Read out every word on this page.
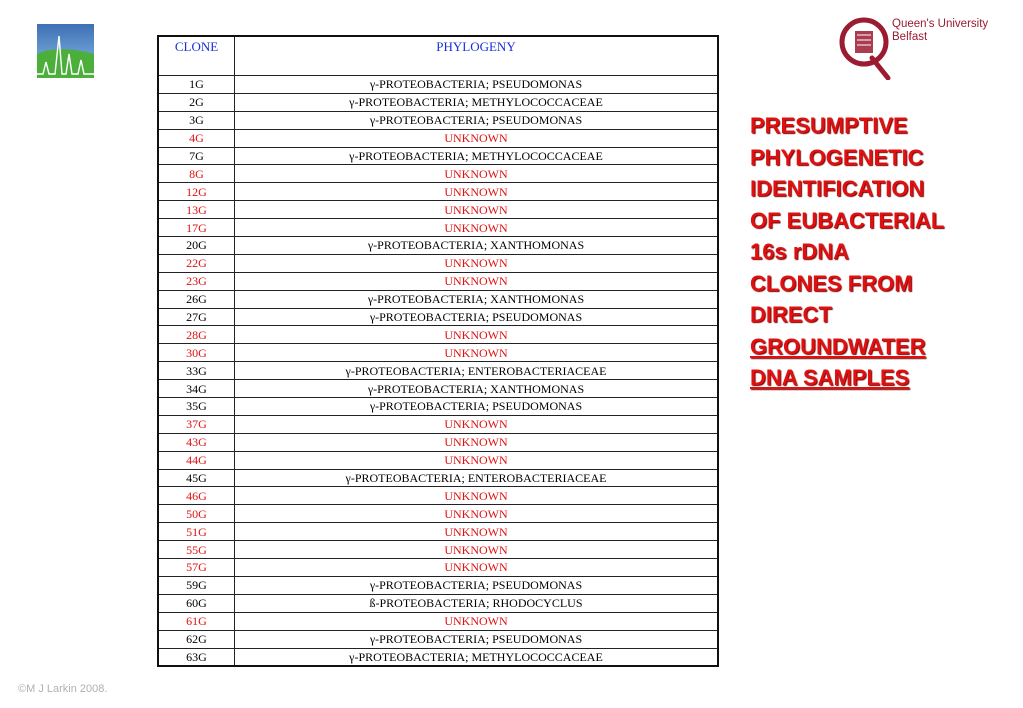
Queen's University
Belfast
CLONE	PHYLOGENY
1G	γ-PROTEOBACTERIA; PSEUDOMONAS
2G	γ-PROTEOBACTERIA; METHYLOCOCCACEAE
3G	γ-PROTEOBACTERIA; PSEUDOMONAS
4G	UNKNOWN
7G	γ-PROTEOBACTERIA; METHYLOCOCCACEAE
8G	UNKNOWN
12G	UNKNOWN
13G	UNKNOWN
17G	UNKNOWN
20G	γ-PROTEOBACTERIA; XANTHOMONAS
22G	UNKNOWN
23G	UNKNOWN
26G	γ-PROTEOBACTERIA; XANTHOMONAS
27G	γ-PROTEOBACTERIA; PSEUDOMONAS
28G	UNKNOWN
30G	UNKNOWN
33G	γ-PROTEOBACTERIA; ENTEROBACTERIACEAE
34G	γ-PROTEOBACTERIA; XANTHOMONAS
35G	γ-PROTEOBACTERIA; PSEUDOMONAS
37G	UNKNOWN
43G	UNKNOWN
44G	UNKNOWN
45G	γ-PROTEOBACTERIA; ENTEROBACTERIACEAE
46G	UNKNOWN
50G	UNKNOWN
51G	UNKNOWN
55G	UNKNOWN
57G	UNKNOWN
59G	γ-PROTEOBACTERIA; PSEUDOMONAS
60G	ß-PROTEOBACTERIA; RHODOCYCLUS
61G	UNKNOWN
62G	γ-PROTEOBACTERIA; PSEUDOMONAS
63G	γ-PROTEOBACTERIA; METHYLOCOCCACEAE
PRESUMPTIVE
PHYLOGENETIC
IDENTIFICATION
OF EUBACTERIAL
16s rDNA
CLONES FROM
DIRECT
GROUNDWATER
DNA SAMPLES
©M J Larkin 2008.
